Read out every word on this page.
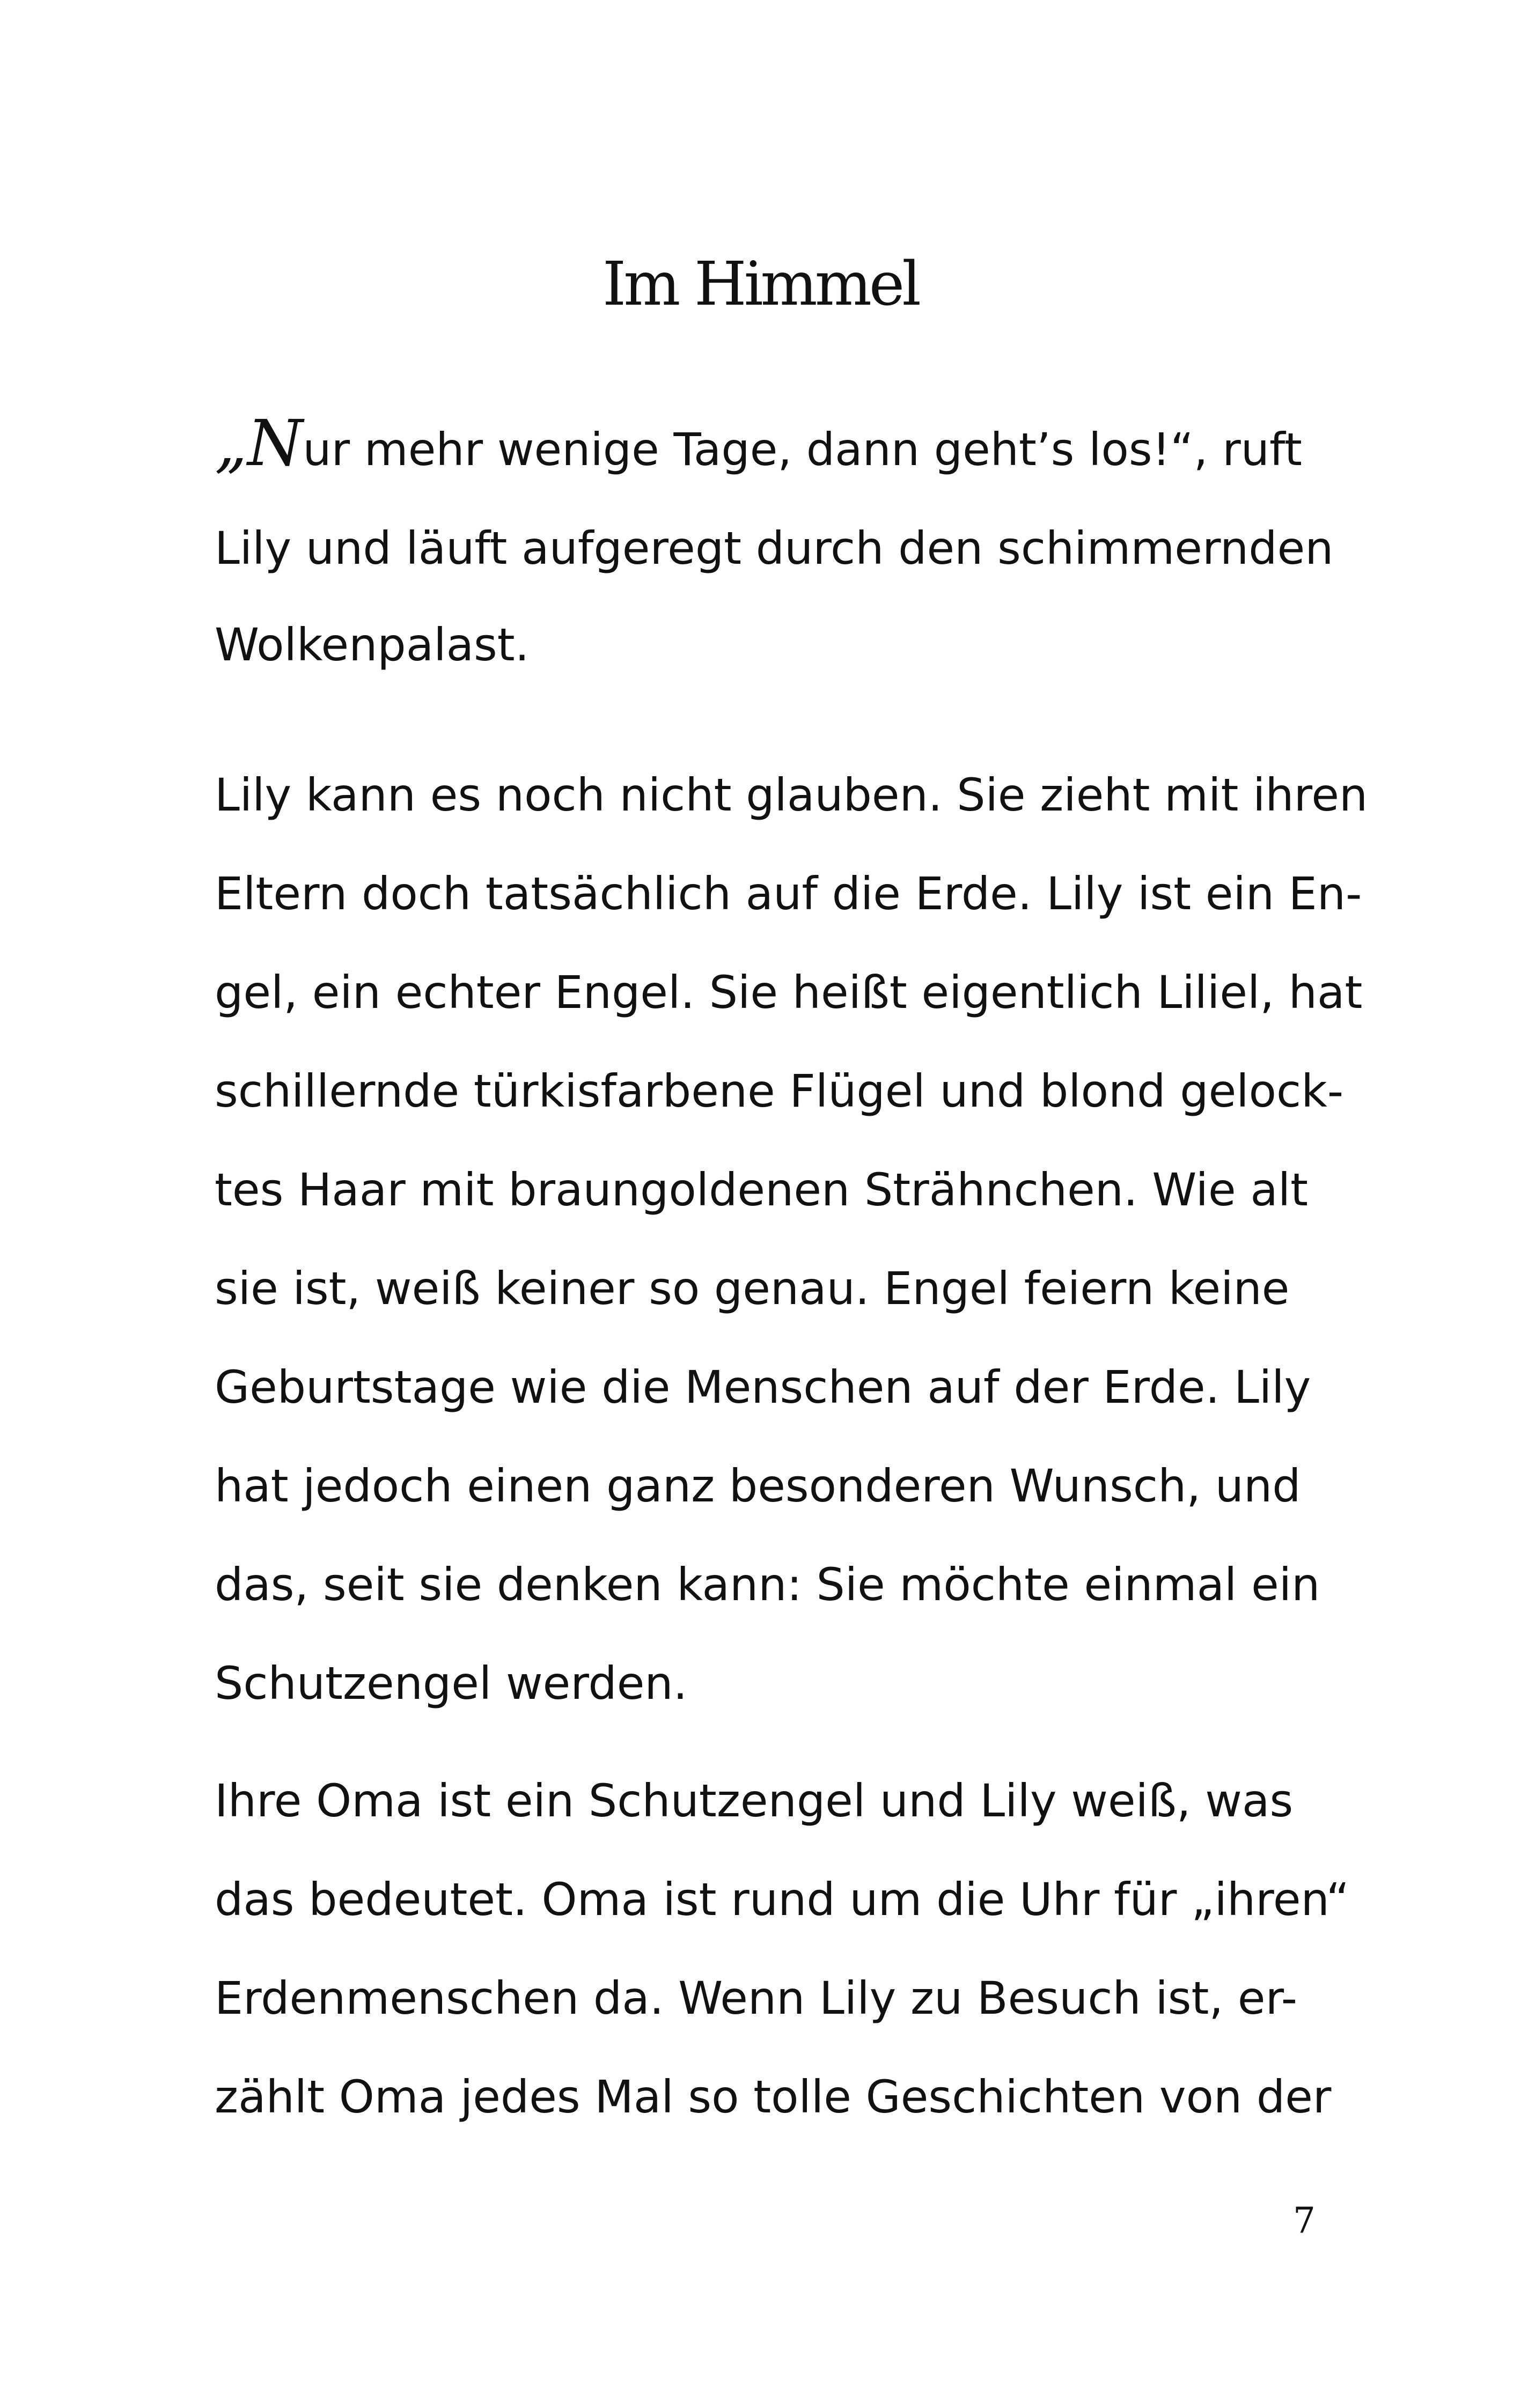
Im Himmel
„Nur mehr wenige Tage, dann geht’s los!“, ruft
Lily und läuft aufgeregt durch den schimmernden
Wolkenpalast.
Lily kann es noch nicht glauben. Sie zieht mit ihren
Eltern doch tatsächlich auf die Erde. Lily ist ein En-
gel, ein echter Engel. Sie heißt eigentlich Liliel, hat
schillernde türkisfarbene Flügel und blond gelock-
tes Haar mit braungoldenen Strähnchen. Wie alt
sie ist, weiß keiner so genau. Engel feiern keine
Geburtstage wie die Menschen auf der Erde. Lily
hat jedoch einen ganz besonderen Wunsch, und
das, seit sie denken kann: Sie möchte einmal ein
Schutzengel werden.
Ihre Oma ist ein Schutzengel und Lily weiß, was
das bedeutet. Oma ist rund um die Uhr für „ihren“
Erdenmenschen da. Wenn Lily zu Besuch ist, er-
zählt Oma jedes Mal so tolle Geschichten von der
7
